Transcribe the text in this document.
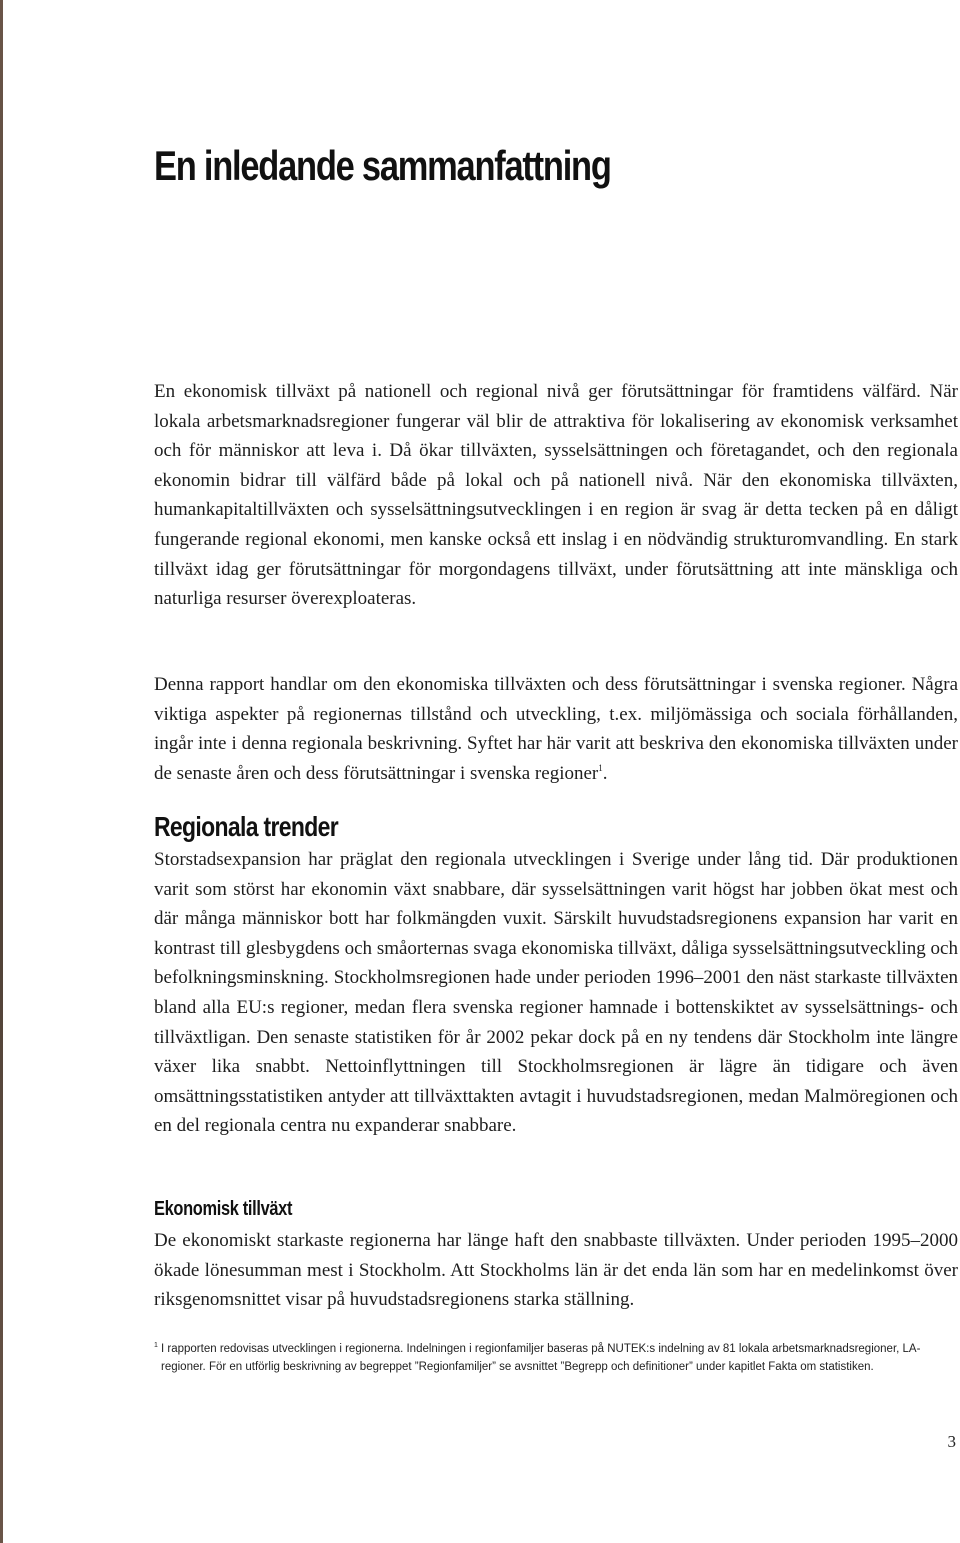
En inledande sammanfattning

En ekonomisk tillväxt på nationell och regional nivå ger förutsättningar för framtidens välfärd. När lokala arbetsmarknadsregioner fungerar väl blir de attraktiva för lokalisering av ekonomisk verksamhet och för människor att leva i. Då ökar tillväxten, sysselsättningen och företagandet, och den regionala ekonomin bidrar till välfärd både på lokal och på nationell nivå. När den ekonomiska tillväxten, humankapitaltillväxten och sysselsättningsutvecklingen i en region är svag är detta tecken på en dåligt fungerande regional ekonomi, men kanske också ett inslag i en nödvändig strukturomvandling. En stark tillväxt idag ger förutsättningar för morgondagens tillväxt, under förutsättning att inte mänskliga och naturliga resurser överexploateras.

Denna rapport handlar om den ekonomiska tillväxten och dess förutsättningar i svenska regioner. Några viktiga aspekter på regionernas tillstånd och utveckling, t.ex. miljömässiga och sociala förhållanden, ingår inte i denna regionala beskrivning. Syftet har här varit att beskriva den ekonomiska tillväxten under de senaste åren och dess förutsättningar i svenska regioner$^1$.

Regionala trender

Storstadsexpansion har präglat den regionala utvecklingen i Sverige under lång tid. Där produktionen varit som störst har ekonomin växt snabbare, där sysselsättningen varit högst har jobben ökat mest och där många människor bott har folkmängden vuxit. Särskilt huvudstadsregionens expansion har varit en kontrast till glesbygdens och småorternas svaga ekonomiska tillväxt, dåliga sysselsättningsutveckling och befolkningsminskning. Stockholmsregionen hade under perioden 1996–2001 den näst starkaste tillväxten bland alla EU:s regioner, medan flera svenska regioner hamnade i bottenskiktet av sysselsättnings- och tillväxtligan. Den senaste statistiken för år 2002 pekar dock på en ny tendens där Stockholm inte längre växer lika snabbt. Nettoinflyttningen till Stockholmsregionen är lägre än tidigare och även omsättningsstatistiken antyder att tillväxttakten avtagit i huvudstadsregionen, medan Malmöregionen och en del regionala centra nu expanderar snabbare.

Ekonomisk tillväxt

De ekonomiskt starkaste regionerna har länge haft den snabbaste tillväxten. Under perioden 1995–2000 ökade lönesumman mest i Stockholm. Att Stockholms län är det enda län som har en medelinkomst över riksgenomsnittet visar på huvudstadsregionens starka ställning.

1 I rapporten redovisas utvecklingen i regionerna. Indelningen i regionfamiljer baseras på NUTEK:s indelning av 81 lokala arbetsmarknadsregioner, LA- regioner. För en utförlig beskrivning av begreppet ”Regionfamiljer” se avsnittet ”Begrepp och definitioner” under kapitlet Fakta om statistiken.
3
